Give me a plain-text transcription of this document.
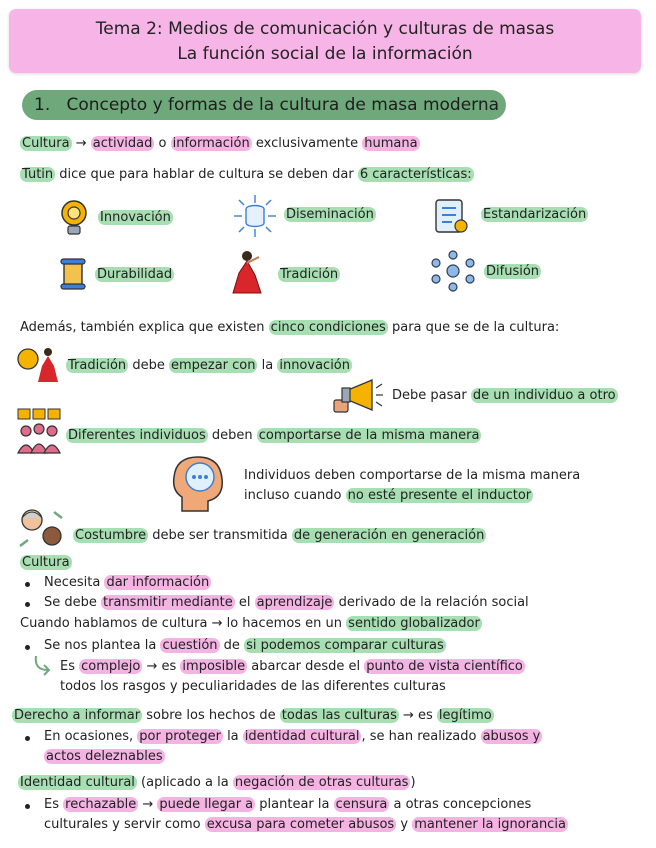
Tema 2: Medios de comunicación y culturas de masas
La función social de la información
1. Concepto y formas de la cultura de masa moderna
Cultura → actividad o información exclusivamente humana
Tutin dice que para hablar de cultura se deben dar 6 características:
Innovación	Diseminación	Estandarización
Durabilidad	Tradición	Difusión
Además, también explica que existen cinco condiciones para que se de la cultura:
Tradición debe empezar con la innovación
Debe pasar de un individuo a otro
Diferentes individuos deben comportarse de la misma manera
Individuos deben comportarse de la misma manera
incluso cuando no esté presente el inductor
Costumbre debe ser transmitida de generación en generación
Cultura
Necesita dar información
Se debe transmitir mediante el aprendizaje derivado de la relación social
Cuando hablamos de cultura → lo hacemos en un sentido globalizador
Se nos plantea la cuestión de si podemos comparar culturas
Es complejo → es imposible abarcar desde el punto de vista científico
todos los rasgos y peculiaridades de las diferentes culturas
Derecho a informar sobre los hechos de todas las culturas → es legítimo
En ocasiones, por proteger la identidad cultural , se han realizado abusos y
actos deleznables
Identidad cultural (aplicado a la negación de otras culturas )
Es rechazable → puede llegar a plantear la censura a otras concepciones
culturales y servir como excusa para cometer abusos y mantener la ignorancia
